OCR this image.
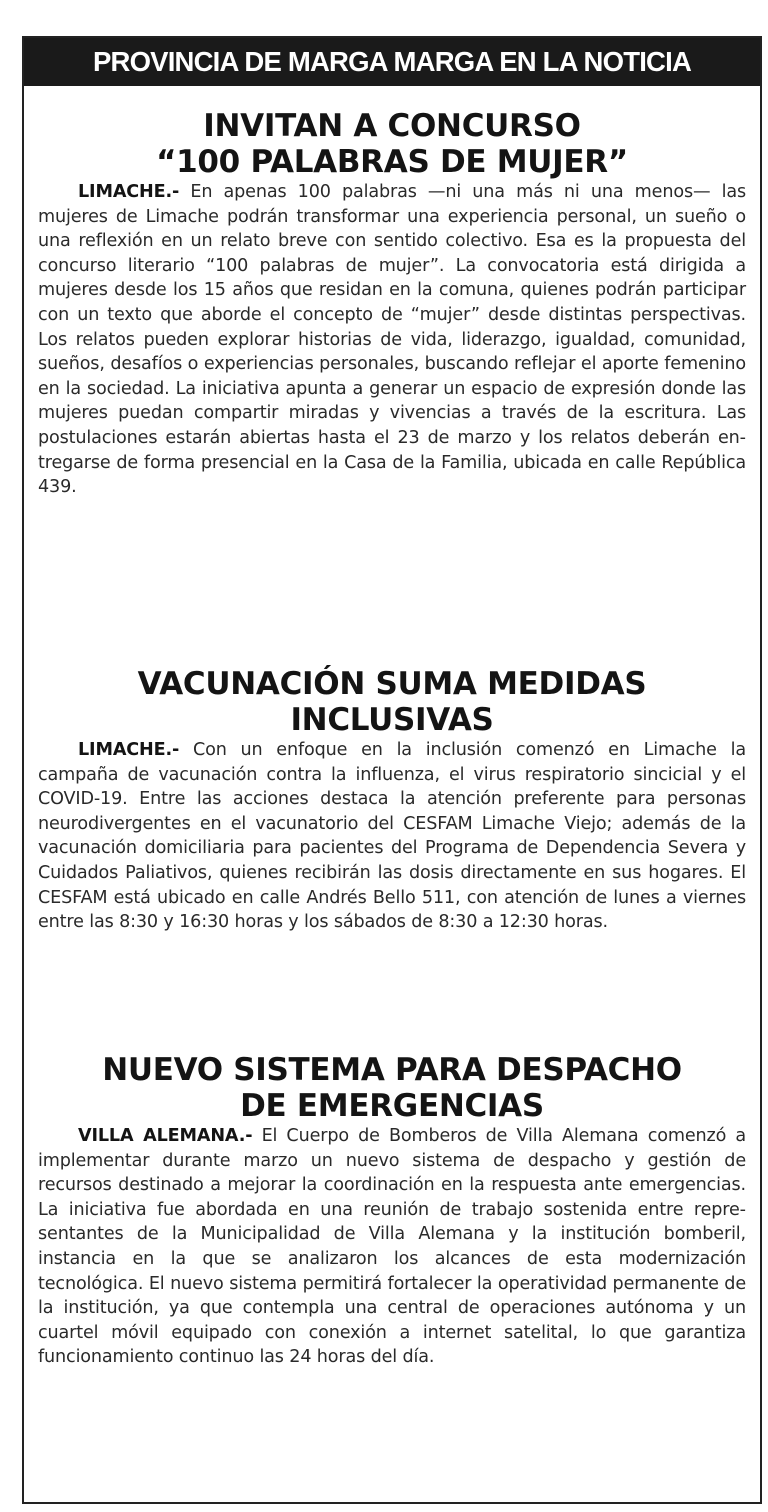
PROVINCIA DE MARGA MARGA EN LA NOTICIA
INVITAN A CONCURSO
“100 PALABRAS DE MUJER”

LIMACHE.- En apenas 100 palabras —ni una más ni una menos— las mujeres de Limache podrán transformar una experiencia personal, un sueño o una reflexión en un relato breve con sentido colectivo. Esa es la propuesta del concurso literario “100 palabras de mujer”. La convocatoria está dirigida a mujeres desde los 15 años que residan en la comuna, quienes podrán participar con un texto que aborde el concepto de “mujer” desde distintas perspectivas. Los relatos pueden explorar historias de vida, liderazgo, igualdad, comunidad, sueños, desafíos o experiencias personales, buscando reflejar el aporte femenino en la sociedad. La iniciativa apunta a generar un espacio de expresión donde las mujeres puedan compartir miradas y vivencias a través de la escritura. Las postulaciones estarán abiertas hasta el 23 de marzo y los relatos deberán entregarse de forma presencial en la Casa de la Familia, ubicada en calle República 439.

VACUNACIÓN SUMA MEDIDAS
INCLUSIVAS

LIMACHE.- Con un enfoque en la inclusión comenzó en Limache la campaña de vacunación contra la influenza, el virus respiratorio sincicial y el COVID-19. Entre las acciones destaca la atención preferente para personas neurodivergentes en el vacunatorio del CESFAM Limache Viejo; además de la vacunación domiciliaria para pacientes del Programa de Dependencia Severa y Cuidados Paliativos, quienes recibirán las dosis directamente en sus hogares. El CESFAM está ubicado en calle Andrés Bello 511, con atención de lunes a viernes entre las 8:30 y 16:30 horas y los sábados de 8:30 a 12:30 horas.

NUEVO SISTEMA PARA DESPACHO
DE EMERGENCIAS

VILLA ALEMANA.- El Cuerpo de Bomberos de Villa Alemana comenzó a implementar durante marzo un nuevo sistema de despacho y gestión de recursos destinado a mejorar la coordinación en la respuesta ante emergencias. La iniciativa fue abordada en una reunión de trabajo sostenida entre representantes de la Municipalidad de Villa Alemana y la institución bomberil, instancia en la que se analizaron los alcances de esta modernización tecnológica. El nuevo sistema permitirá fortalecer la operatividad permanente de la institución, ya que contempla una central de operaciones autónoma y un cuartel móvil equipado con conexión a internet satelital, lo que garantiza funcionamiento continuo las 24 horas del día.
